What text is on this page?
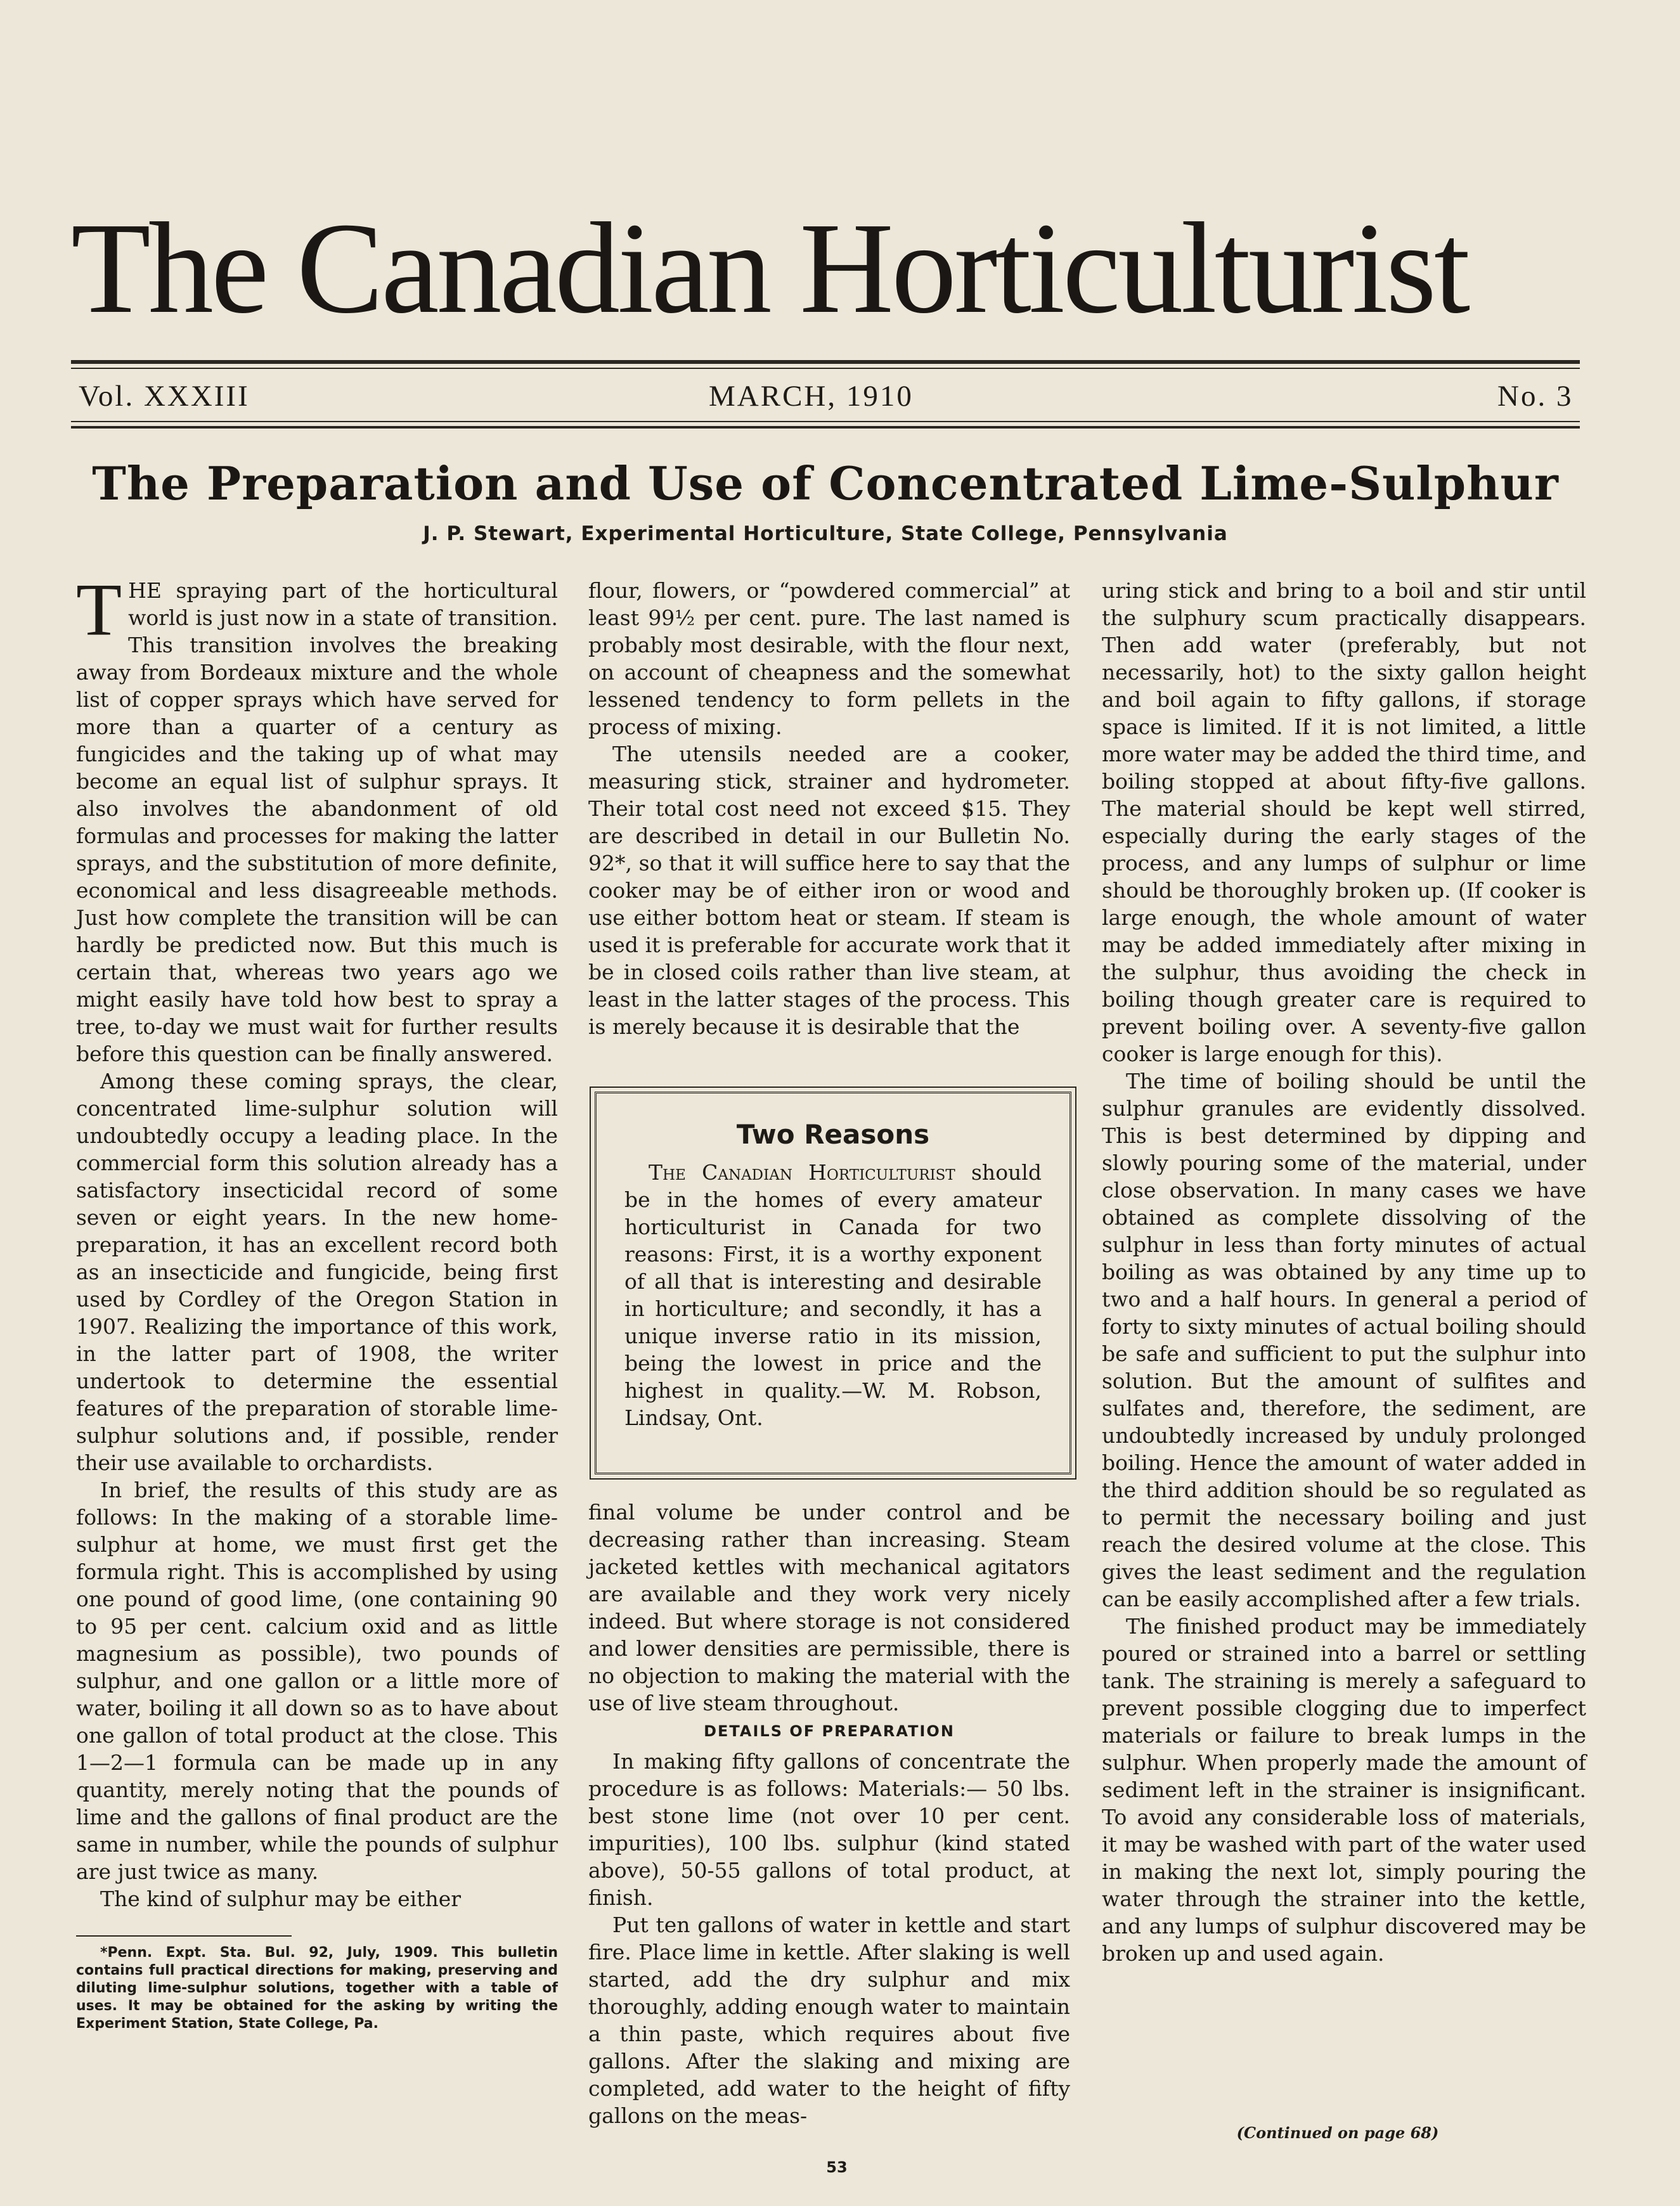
The Canadian Horticulturist
Vol. XXXIII	MARCH, 1910	No. 3
The Preparation and Use of Concentrated Lime-Sulphur
J. P. Stewart, Experimental Horticulture, State College, Pennsylvania

THE spraying part of the horticultural world is just now in a state of transition. This transition involves the breaking away from Bordeaux mixture and the whole list of copper sprays which have served for more than a quarter of a century as fungicides and the taking up of what may become an equal list of sulphur sprays. It also involves the abandonment of old formulas and processes for making the latter sprays, and the substitution of more definite, economical and less disagreeable methods. Just how complete the transition will be can hardly be predicted now. But this much is certain that, whereas two years ago we might easily have told how best to spray a tree, to-day we must wait for further results before this question can be finally answered.

Among these coming sprays, the clear, concentrated lime-sulphur solution will undoubtedly occupy a leading place. In the commercial form this solution already has a satisfactory insecticidal record of some seven or eight years. In the new home-preparation, it has an excellent record both as an insecticide and fungicide, being first used by Cordley of the Oregon Station in 1907. Realizing the importance of this work, in the latter part of 1908, the writer undertook to determine the essential features of the preparation of storable lime-sulphur solutions and, if possible, render their use available to orchardists.

In brief, the results of this study are as follows: In the making of a storable lime-sulphur at home, we must first get the formula right. This is accomplished by using one pound of good lime, (one containing 90 to 95 per cent. calcium oxid and as little magnesium as possible), two pounds of sulphur, and one gallon or a little more of water, boiling it all down so as to have about one gallon of total product at the close. This 1—2—1 formula can be made up in any quantity, merely noting that the pounds of lime and the gallons of final product are the same in number, while the pounds of sulphur are just twice as many.

The kind of sulphur may be either

*Penn. Expt. Sta. Bul. 92, July, 1909. This bulletin contains full practical directions for making, preserving and diluting lime-sulphur solutions, together with a table of uses. It may be obtained for the asking by writing the Experiment Station, State College, Pa.

flour, flowers, or “powdered commercial” at least 99½ per cent. pure. The last named is probably most desirable, with the flour next, on account of cheapness and the somewhat lessened tendency to form pellets in the process of mixing.

The utensils needed are a cooker, measuring stick, strainer and hydrometer. Their total cost need not exceed $15. They are described in detail in our Bulletin No. 92*, so that it will suffice here to say that the cooker may be of either iron or wood and use either bottom heat or steam. If steam is used it is preferable for accurate work that it be in closed coils rather than live steam, at least in the latter stages of the process. This is merely because it is desirable that the

Two Reasons

The Canadian Horticulturist should be in the homes of every amateur horticulturist in Canada for two reasons: First, it is a worthy exponent of all that is interesting and desirable in horticulture; and secondly, it has a unique inverse ratio in its mission, being the lowest in price and the highest in quality.—W. M. Robson, Lindsay, Ont.

final volume be under control and be decreasing rather than increasing. Steam jacketed kettles with mechanical agitators are available and they work very nicely indeed. But where storage is not considered and lower densities are permissible, there is no objection to making the material with the use of live steam throughout.

DETAILS OF PREPARATION

In making fifty gallons of concentrate the procedure is as follows: Materials:— 50 lbs. best stone lime (not over 10 per cent. impurities), 100 lbs. sulphur (kind stated above), 50-55 gallons of total product, at finish.

Put ten gallons of water in kettle and start fire. Place lime in kettle. After slaking is well started, add the dry sulphur and mix thoroughly, adding enough water to maintain a thin paste, which requires about five gallons. After the slaking and mixing are completed, add water to the height of fifty gallons on the meas-

uring stick and bring to a boil and stir until the sulphury scum practically disappears. Then add water (preferably, but not necessarily, hot) to the sixty gallon height and boil again to fifty gallons, if storage space is limited. If it is not limited, a little more water may be added the third time, and boiling stopped at about fifty-five gallons. The material should be kept well stirred, especially during the early stages of the process, and any lumps of sulphur or lime should be thoroughly broken up. (If cooker is large enough, the whole amount of water may be added immediately after mixing in the sulphur, thus avoiding the check in boiling though greater care is required to prevent boiling over. A seventy-five gallon cooker is large enough for this).

The time of boiling should be until the sulphur granules are evidently dissolved. This is best determined by dipping and slowly pouring some of the material, under close observation. In many cases we have obtained as complete dissolving of the sulphur in less than forty minutes of actual boiling as was obtained by any time up to two and a half hours. In general a period of forty to sixty minutes of actual boiling should be safe and sufficient to put the sulphur into solution. But the amount of sulfites and sulfates and, therefore, the sediment, are undoubtedly increased by unduly prolonged boiling. Hence the amount of water added in the third addition should be so regulated as to permit the necessary boiling and just reach the desired volume at the close. This gives the least sediment and the regulation can be easily accomplished after a few trials.

The finished product may be immediately poured or strained into a barrel or settling tank. The straining is merely a safeguard to prevent possible clogging due to imperfect materials or failure to break lumps in the sulphur. When properly made the amount of sediment left in the strainer is insignificant. To avoid any considerable loss of materials, it may be washed with part of the water used in making the next lot, simply pouring the water through the strainer into the kettle, and any lumps of sulphur discovered may be broken up and used again.

(Continued on page 68)
53
